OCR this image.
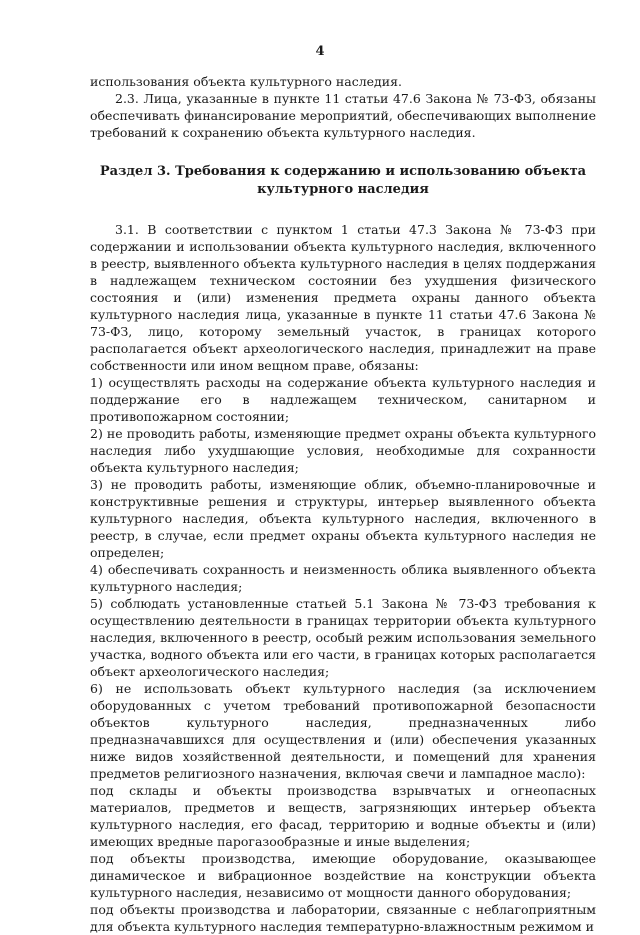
4

использования объекта культурного наследия.

2.3. Лица, указанные в пункте 11 статьи 47.6 Закона № 73-ФЗ, обязаны обеспечивать финансирование мероприятий, обеспечивающих выполнение требований к сохранению объекта культурного наследия.

Раздел 3. Требования к содержанию и использованию объекта культурного наследия

3.1. В соответствии с пунктом 1 статьи 47.3 Закона № 73-ФЗ при содержании и использовании объекта культурного наследия, включенного в реестр, выявленного объекта культурного наследия в целях поддержания в надлежащем техническом состоянии без ухудшения физического состояния и (или) изменения предмета охраны данного объекта культурного наследия лица, указанные в пункте 11 статьи 47.6 Закона № 73-ФЗ, лицо, которому земельный участок, в границах которого располагается объект археологического наследия, принадлежит на праве собственности или ином вещном праве, обязаны:

1) осуществлять расходы на содержание объекта культурного наследия и поддержание его в надлежащем техническом, санитарном и противопожарном состоянии;

2) не проводить работы, изменяющие предмет охраны объекта культурного наследия либо ухудшающие условия, необходимые для сохранности объекта культурного наследия;

3) не проводить работы, изменяющие облик, объемно-планировочные и конструктивные решения и структуры, интерьер выявленного объекта культурного наследия, объекта культурного наследия, включенного в реестр, в случае, если предмет охраны объекта культурного наследия не определен;

4) обеспечивать сохранность и неизменность облика выявленного объекта культурного наследия;

5) соблюдать установленные статьей 5.1 Закона № 73-ФЗ требования к осуществлению деятельности в границах территории объекта культурного наследия, включенного в реестр, особый режим использования земельного участка, водного объекта или его части, в границах которых располагается объект археологического наследия;

6) не использовать объект культурного наследия (за исключением оборудованных с учетом требований противопожарной безопасности объектов культурного наследия, предназначенных либо предназначавшихся для осуществления и (или) обеспечения указанных ниже видов хозяйственной деятельности, и помещений для хранения предметов религиозного назначения, включая свечи и лампадное масло):

под склады и объекты производства взрывчатых и огнеопасных материалов, предметов и веществ, загрязняющих интерьер объекта культурного наследия, его фасад, территорию и водные объекты и (или) имеющих вредные парогазообразные и иные выделения;

под объекты производства, имеющие оборудование, оказывающее динамическое и вибрационное воздействие на конструкции объекта культурного наследия, независимо от мощности данного оборудования;

под объекты производства и лаборатории, связанные с неблагоприятным для объекта культурного наследия температурно-влажностным режимом и
